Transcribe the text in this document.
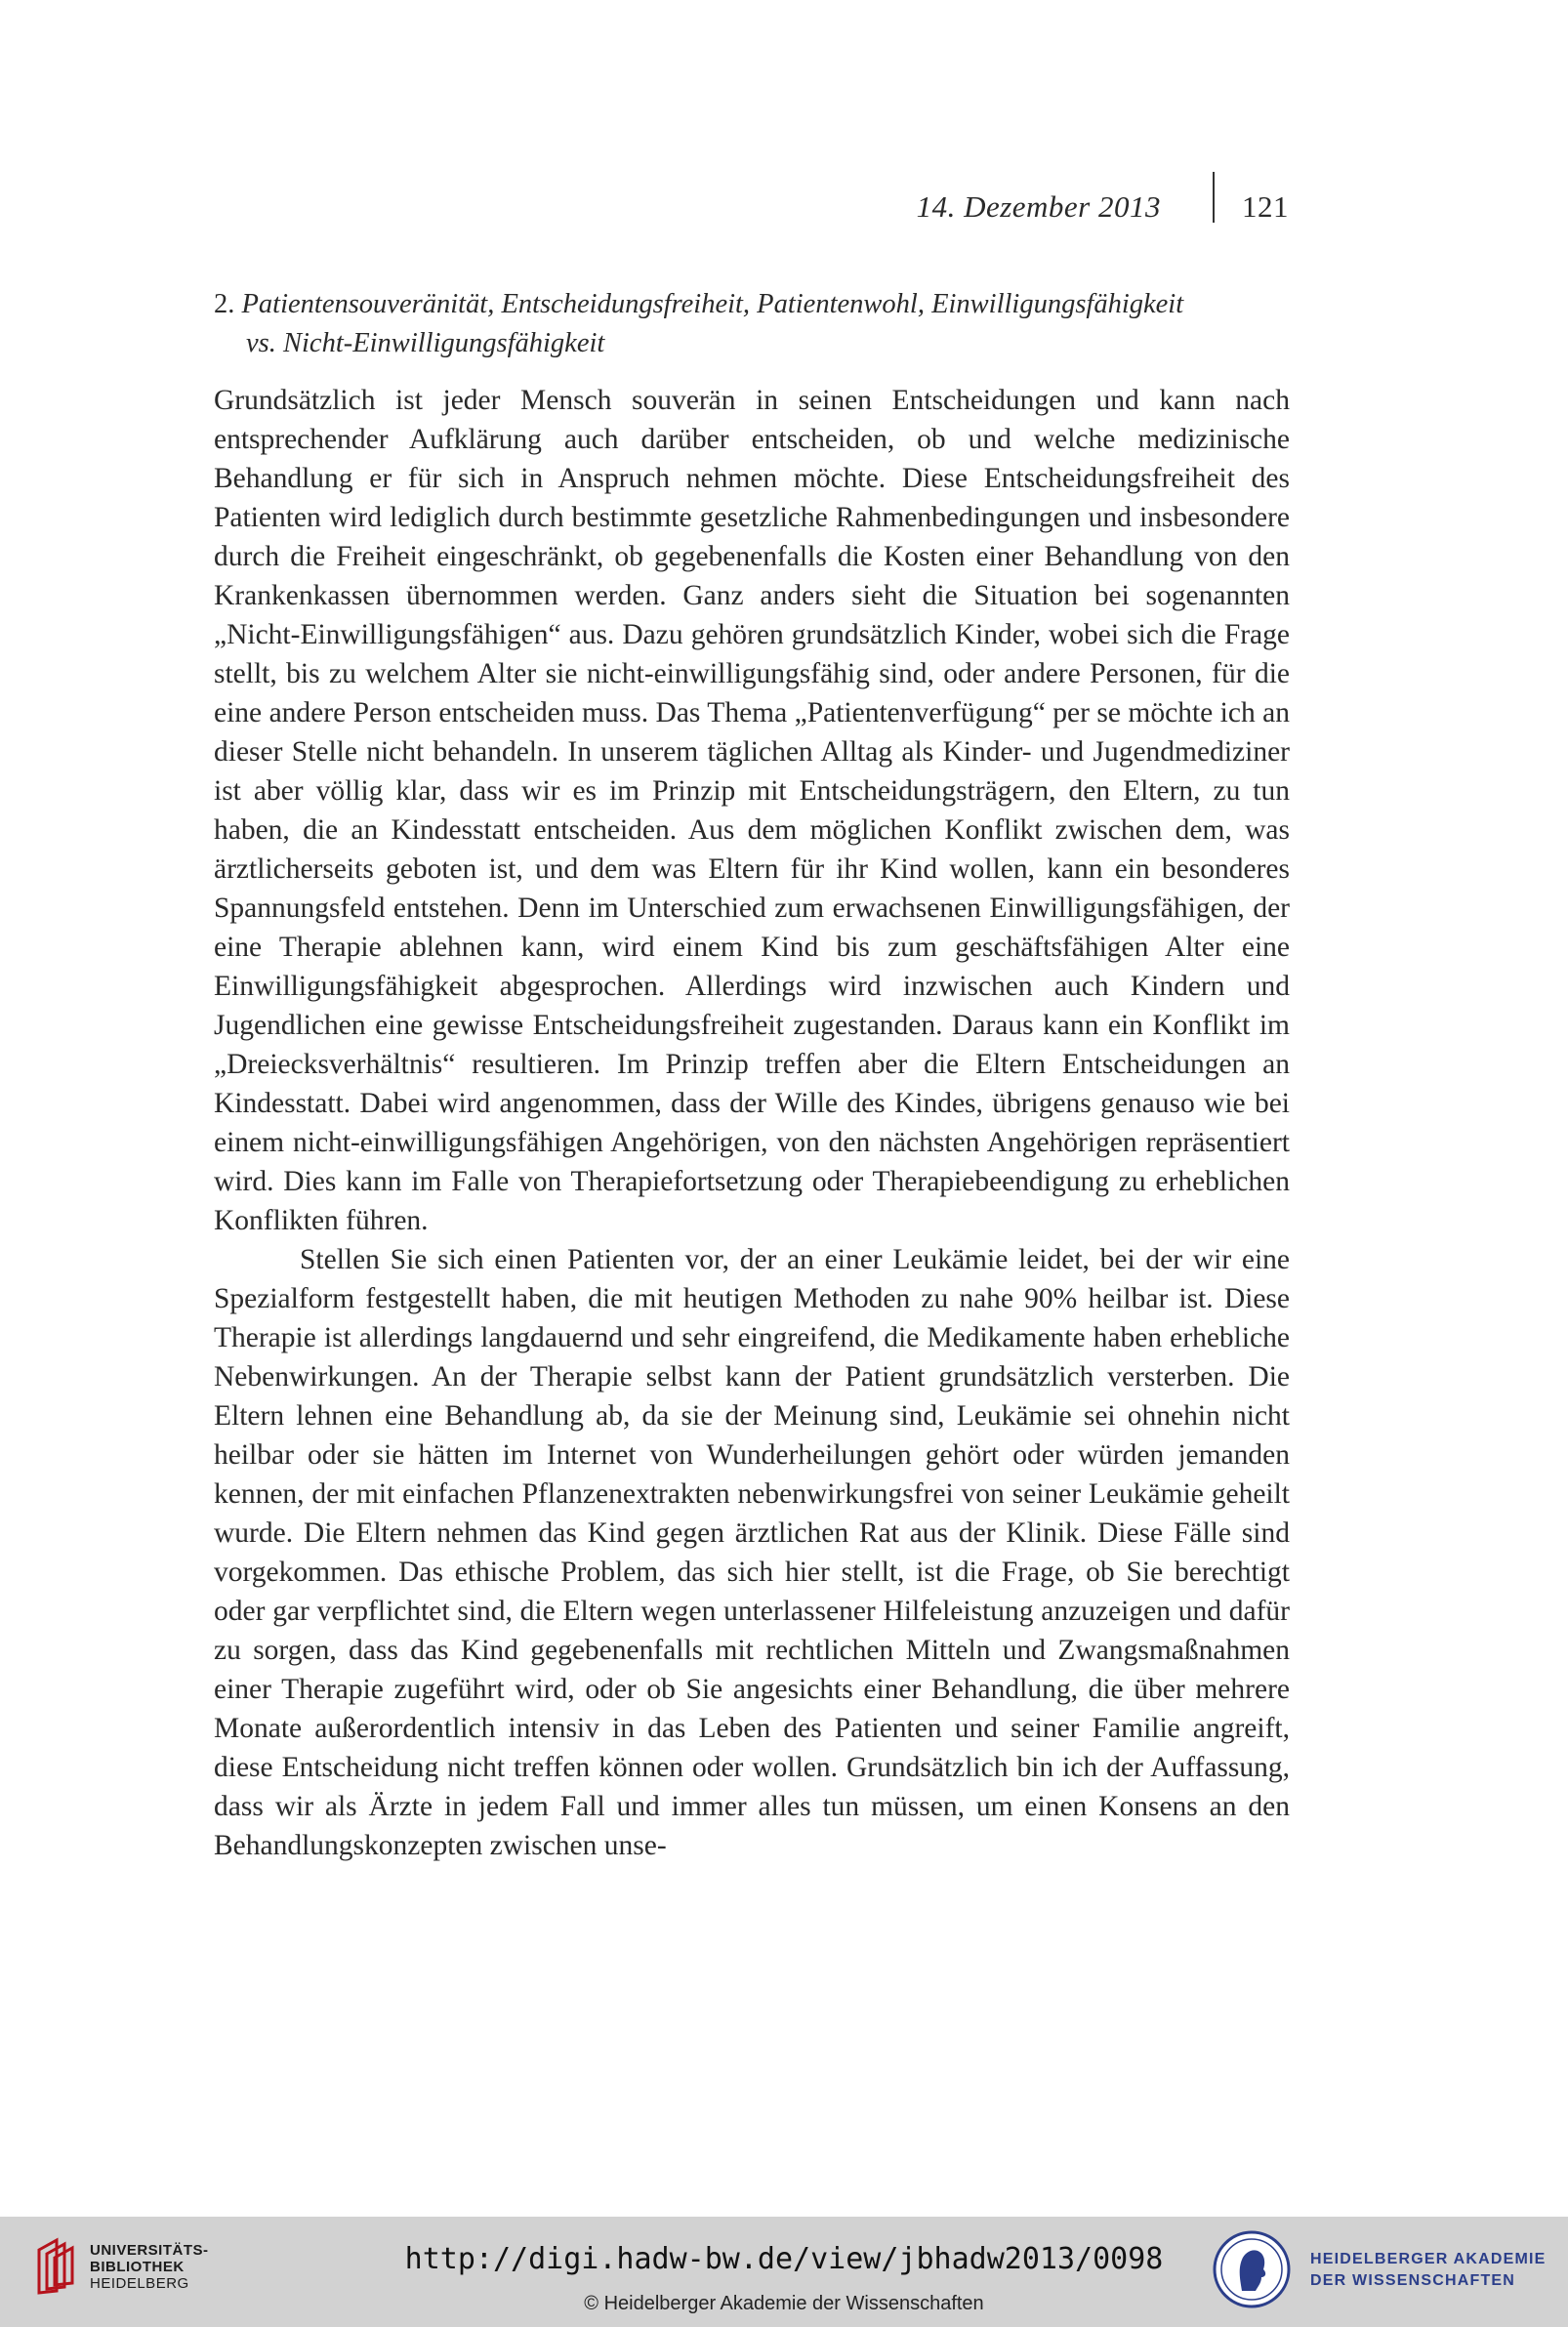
14. Dezember 2013	121
2. Patientensouveränität, Entscheidungsfreiheit, Patientenwohl, Einwilligungsfähigkeit
vs. Nicht-Einwilligungsfähigkeit

Grundsätzlich ist jeder Mensch souverän in seinen Entscheidungen und kann nach entsprechender Aufklärung auch darüber entscheiden, ob und welche medizinische Behandlung er für sich in Anspruch nehmen möchte. Diese Entscheidungsfreiheit des Patienten wird lediglich durch bestimmte gesetzliche Rahmenbedingungen und insbesondere durch die Freiheit eingeschränkt, ob gegebenenfalls die Kosten einer Behandlung von den Krankenkassen übernommen werden. Ganz anders sieht die Situation bei sogenannten „Nicht-Einwilligungsfähigen“ aus. Dazu gehören grundsätzlich Kinder, wobei sich die Frage stellt, bis zu welchem Alter sie nicht-einwilligungsfähig sind, oder andere Personen, für die eine andere Person entscheiden muss. Das Thema „Patientenverfügung“ per se möchte ich an dieser Stelle nicht behandeln. In unserem täglichen Alltag als Kinder- und Jugendmediziner ist aber völlig klar, dass wir es im Prinzip mit Entscheidungsträgern, den Eltern, zu tun haben, die an Kindesstatt entscheiden. Aus dem möglichen Konflikt zwischen dem, was ärztlicherseits geboten ist, und dem was Eltern für ihr Kind wollen, kann ein besonderes Spannungsfeld entstehen. Denn im Unterschied zum erwachsenen Einwilligungsfähigen, der eine Therapie ablehnen kann, wird einem Kind bis zum geschäftsfähigen Alter eine Einwilligungsfähigkeit abgesprochen. Allerdings wird inzwischen auch Kindern und Jugendlichen eine gewisse Entscheidungsfreiheit zugestanden. Daraus kann ein Konflikt im „Dreiecksverhältnis“ resultieren. Im Prinzip treffen aber die Eltern Entscheidungen an Kindesstatt. Dabei wird angenommen, dass der Wille des Kindes, übrigens genauso wie bei einem nicht-einwilligungsfähigen Angehörigen, von den nächsten Angehörigen repräsentiert wird. Dies kann im Falle von Therapiefortsetzung oder Therapiebeendigung zu erheblichen Konflikten führen.

Stellen Sie sich einen Patienten vor, der an einer Leukämie leidet, bei der wir eine Spezialform festgestellt haben, die mit heutigen Methoden zu nahe 90% heilbar ist. Diese Therapie ist allerdings langdauernd und sehr eingreifend, die Medikamente haben erhebliche Nebenwirkungen. An der Therapie selbst kann der Patient grundsätzlich versterben. Die Eltern lehnen eine Behandlung ab, da sie der Meinung sind, Leukämie sei ohnehin nicht heilbar oder sie hätten im Internet von Wunderheilungen gehört oder würden jemanden kennen, der mit einfachen Pflanzenextrakten nebenwirkungsfrei von seiner Leukämie geheilt wurde. Die Eltern nehmen das Kind gegen ärztlichen Rat aus der Klinik. Diese Fälle sind vorgekommen. Das ethische Problem, das sich hier stellt, ist die Frage, ob Sie berechtigt oder gar verpflichtet sind, die Eltern wegen unterlassener Hilfeleistung anzuzeigen und dafür zu sorgen, dass das Kind gegebenenfalls mit rechtlichen Mitteln und Zwangsmaßnahmen einer Therapie zugeführt wird, oder ob Sie angesichts einer Behandlung, die über mehrere Monate außerordentlich intensiv in das Leben des Patienten und seiner Familie angreift, diese Entscheidung nicht treffen können oder wollen. Grundsätzlich bin ich der Auffassung, dass wir als Ärzte in jedem Fall und immer alles tun müssen, um einen Konsens an den Behandlungskonzepten zwischen unse-

UNIVERSITÄTS-
BIBLIOTHEK
HEIDELBERG
http://digi.hadw-bw.de/view/jbhadw2013/0098
© Heidelberger Akademie der Wissenschaften
HEIDELBERGER AKADEMIE
DER WISSENSCHAFTEN
